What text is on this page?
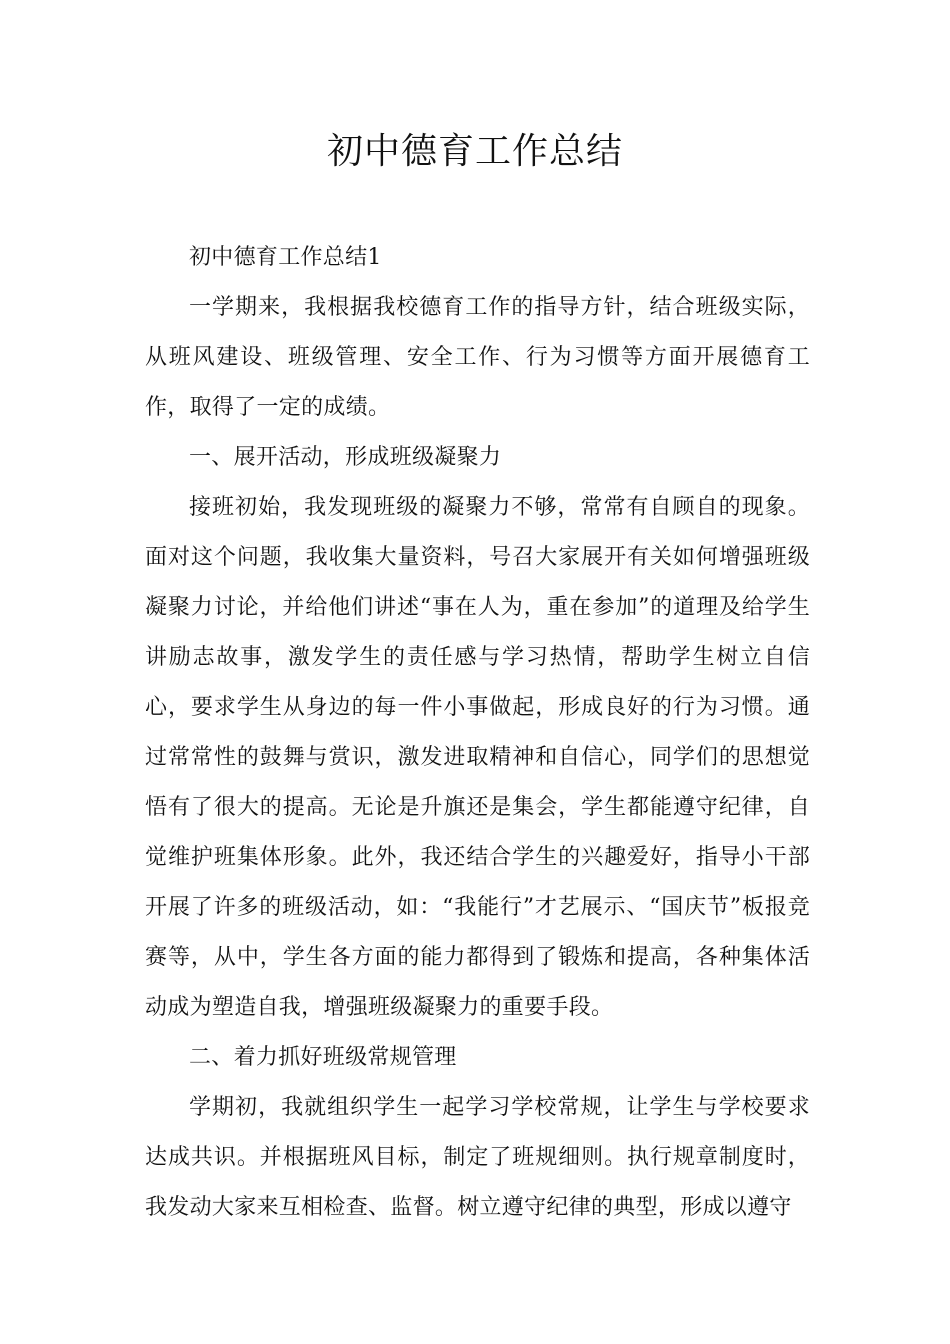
初中德育工作总结

初中德育工作总结1

一学期来，我根据我校德育工作的指导方针，结合班级实际，从班风建设、班级管理、安全工作、行为习惯等方面开展德育工作，取得了一定的成绩。

一、展开活动，形成班级凝聚力

接班初始，我发现班级的凝聚力不够，常常有自顾自的现象。面对这个问题，我收集大量资料，号召大家展开有关如何增强班级凝聚力讨论，并给他们讲述“事在人为，重在参加”的道理及给学生讲励志故事，激发学生的责任感与学习热情，帮助学生树立自信心，要求学生从身边的每一件小事做起，形成良好的行为习惯。通过常常性的鼓舞与赏识，激发进取精神和自信心，同学们的思想觉悟有了很大的提高。无论是升旗还是集会，学生都能遵守纪律，自觉维护班集体形象。此外，我还结合学生的兴趣爱好，指导小干部开展了许多的班级活动，如：“我能行”才艺展示、“国庆节”板报竞赛等，从中，学生各方面的能力都得到了锻炼和提高，各种集体活动成为塑造自我，增强班级凝聚力的重要手段。

二、着力抓好班级常规管理

学期初，我就组织学生一起学习学校常规，让学生与学校要求达成共识。并根据班风目标，制定了班规细则。执行规章制度时，我发动大家来互相检查、监督。树立遵守纪律的典型，形成以遵守
